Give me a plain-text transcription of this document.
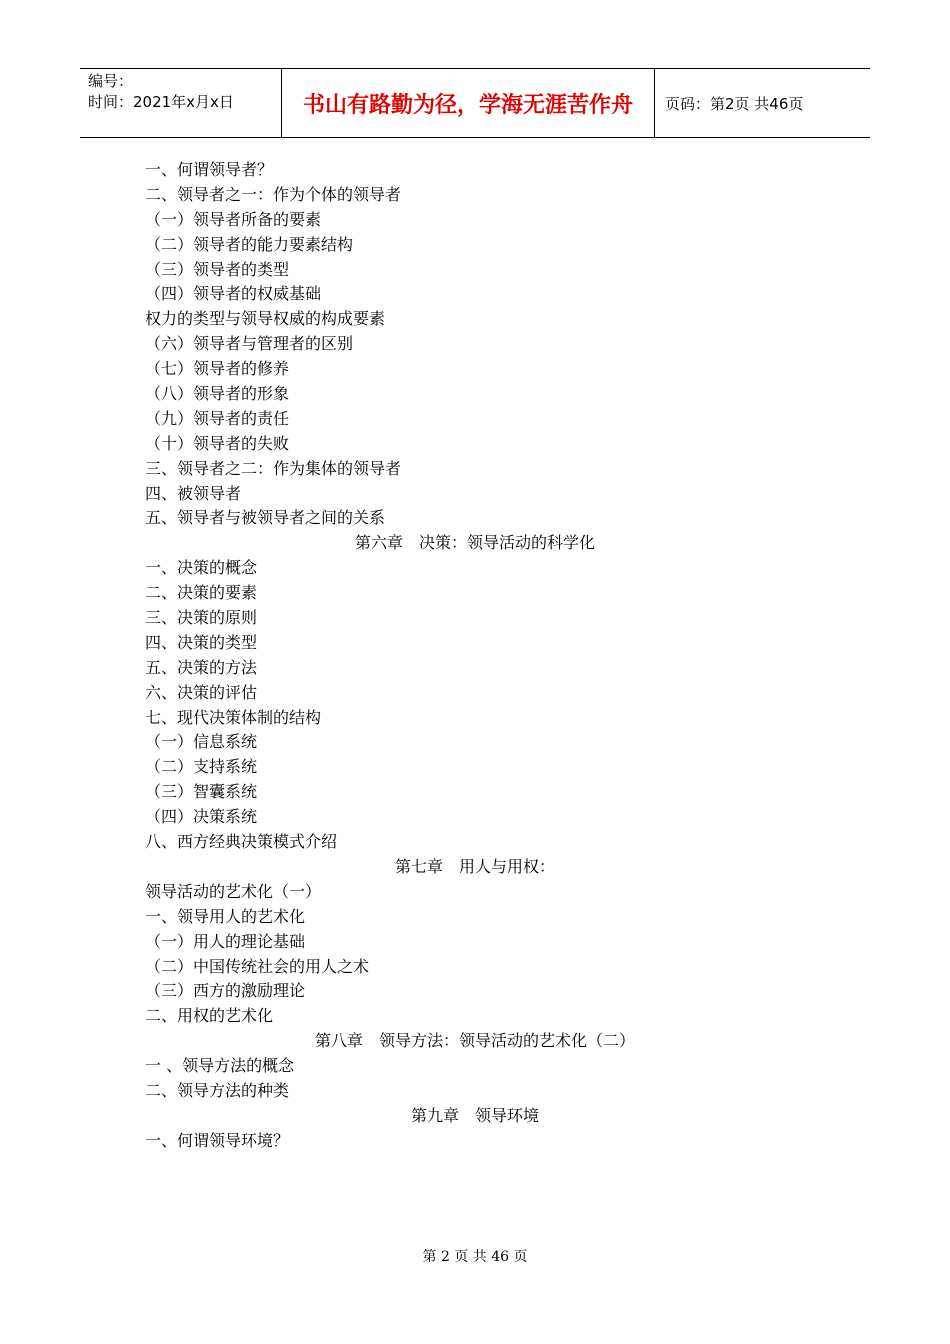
编号：
时间：2021年x月x日	书山有路勤为径，学海无涯苦作舟 页码：第2页 共46页
一、何谓领导者？
二、领导者之一：作为个体的领导者
（一）领导者所备的要素
（二）领导者的能力要素结构
（三）领导者的类型
（四）领导者的权威基础
权力的类型与领导权威的构成要素
（六）领导者与管理者的区别
（七）领导者的修养
（八）领导者的形象
（九）领导者的责任
（十）领导者的失败
三、领导者之二：作为集体的领导者
四、被领导者
五、领导者与被领导者之间的关系
第六章　决策：领导活动的科学化
一、决策的概念
二、决策的要素
三、决策的原则
四、决策的类型
五、决策的方法
六、决策的评估
七、现代决策体制的结构
（一）信息系统
（二）支持系统
（三）智囊系统
（四）决策系统
八、西方经典决策模式介绍
第七章　用人与用权：
领导活动的艺术化（一）
一、领导用人的艺术化
（一）用人的理论基础
（二）中国传统社会的用人之术
（三）西方的激励理论
二、用权的艺术化
第八章　领导方法：领导活动的艺术化（二）
一 、领导方法的概念
二、领导方法的种类
第九章　领导环境
一、何谓领导环境？
第 2 页 共 46 页
